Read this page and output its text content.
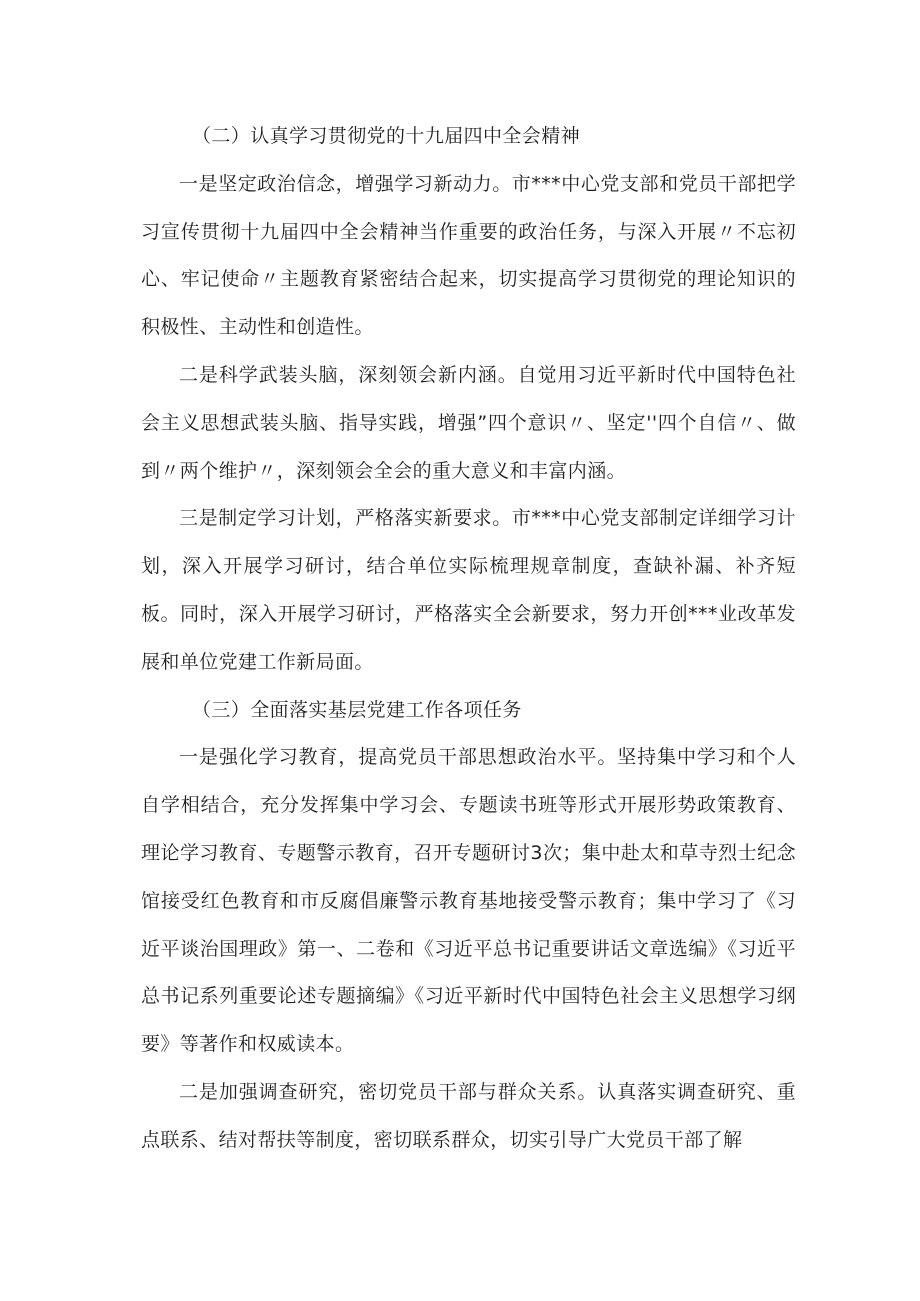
（二）认真学习贯彻党的十九届四中全会精神

一是坚定政治信念，增强学习新动力。市***中心党支部和党员干部把学习宣传贯彻十九届四中全会精神当作重要的政治任务，与深入开展〃不忘初心、牢记使命〃主题教育紧密结合起来，切实提高学习贯彻党的理论知识的积极性、主动性和创造性。

二是科学武装头脑，深刻领会新内涵。自觉用习近平新时代中国特色社会主义思想武装头脑、指导实践，增强”四个意识〃、坚定''四个自信〃、做到〃两个维护〃，深刻领会全会的重大意义和丰富内涵。

三是制定学习计划，严格落实新要求。市***中心党支部制定详细学习计划，深入开展学习研讨，结合单位实际梳理规章制度，查缺补漏、补齐短板。同时，深入开展学习研讨，严格落实全会新要求，努力开创***业改革发展和单位党建工作新局面。

（三）全面落实基层党建工作各项任务

一是强化学习教育，提高党员干部思想政治水平。坚持集中学习和个人自学相结合，充分发挥集中学习会、专题读书班等形式开展形势政策教育、理论学习教育、专题警示教育，召开专题研讨3次；集中赴太和草寺烈士纪念馆接受红色教育和市反腐倡廉警示教育基地接受警示教育；集中学习了《习近平谈治国理政》第一、二卷和《习近平总书记重要讲话文章选编》《习近平总书记系列重要论述专题摘编》《习近平新时代中国特色社会主义思想学习纲要》等著作和权威读本。

二是加强调查研究，密切党员干部与群众关系。认真落实调查研究、重点联系、结对帮扶等制度，密切联系群众，切实引导广大党员干部了解
